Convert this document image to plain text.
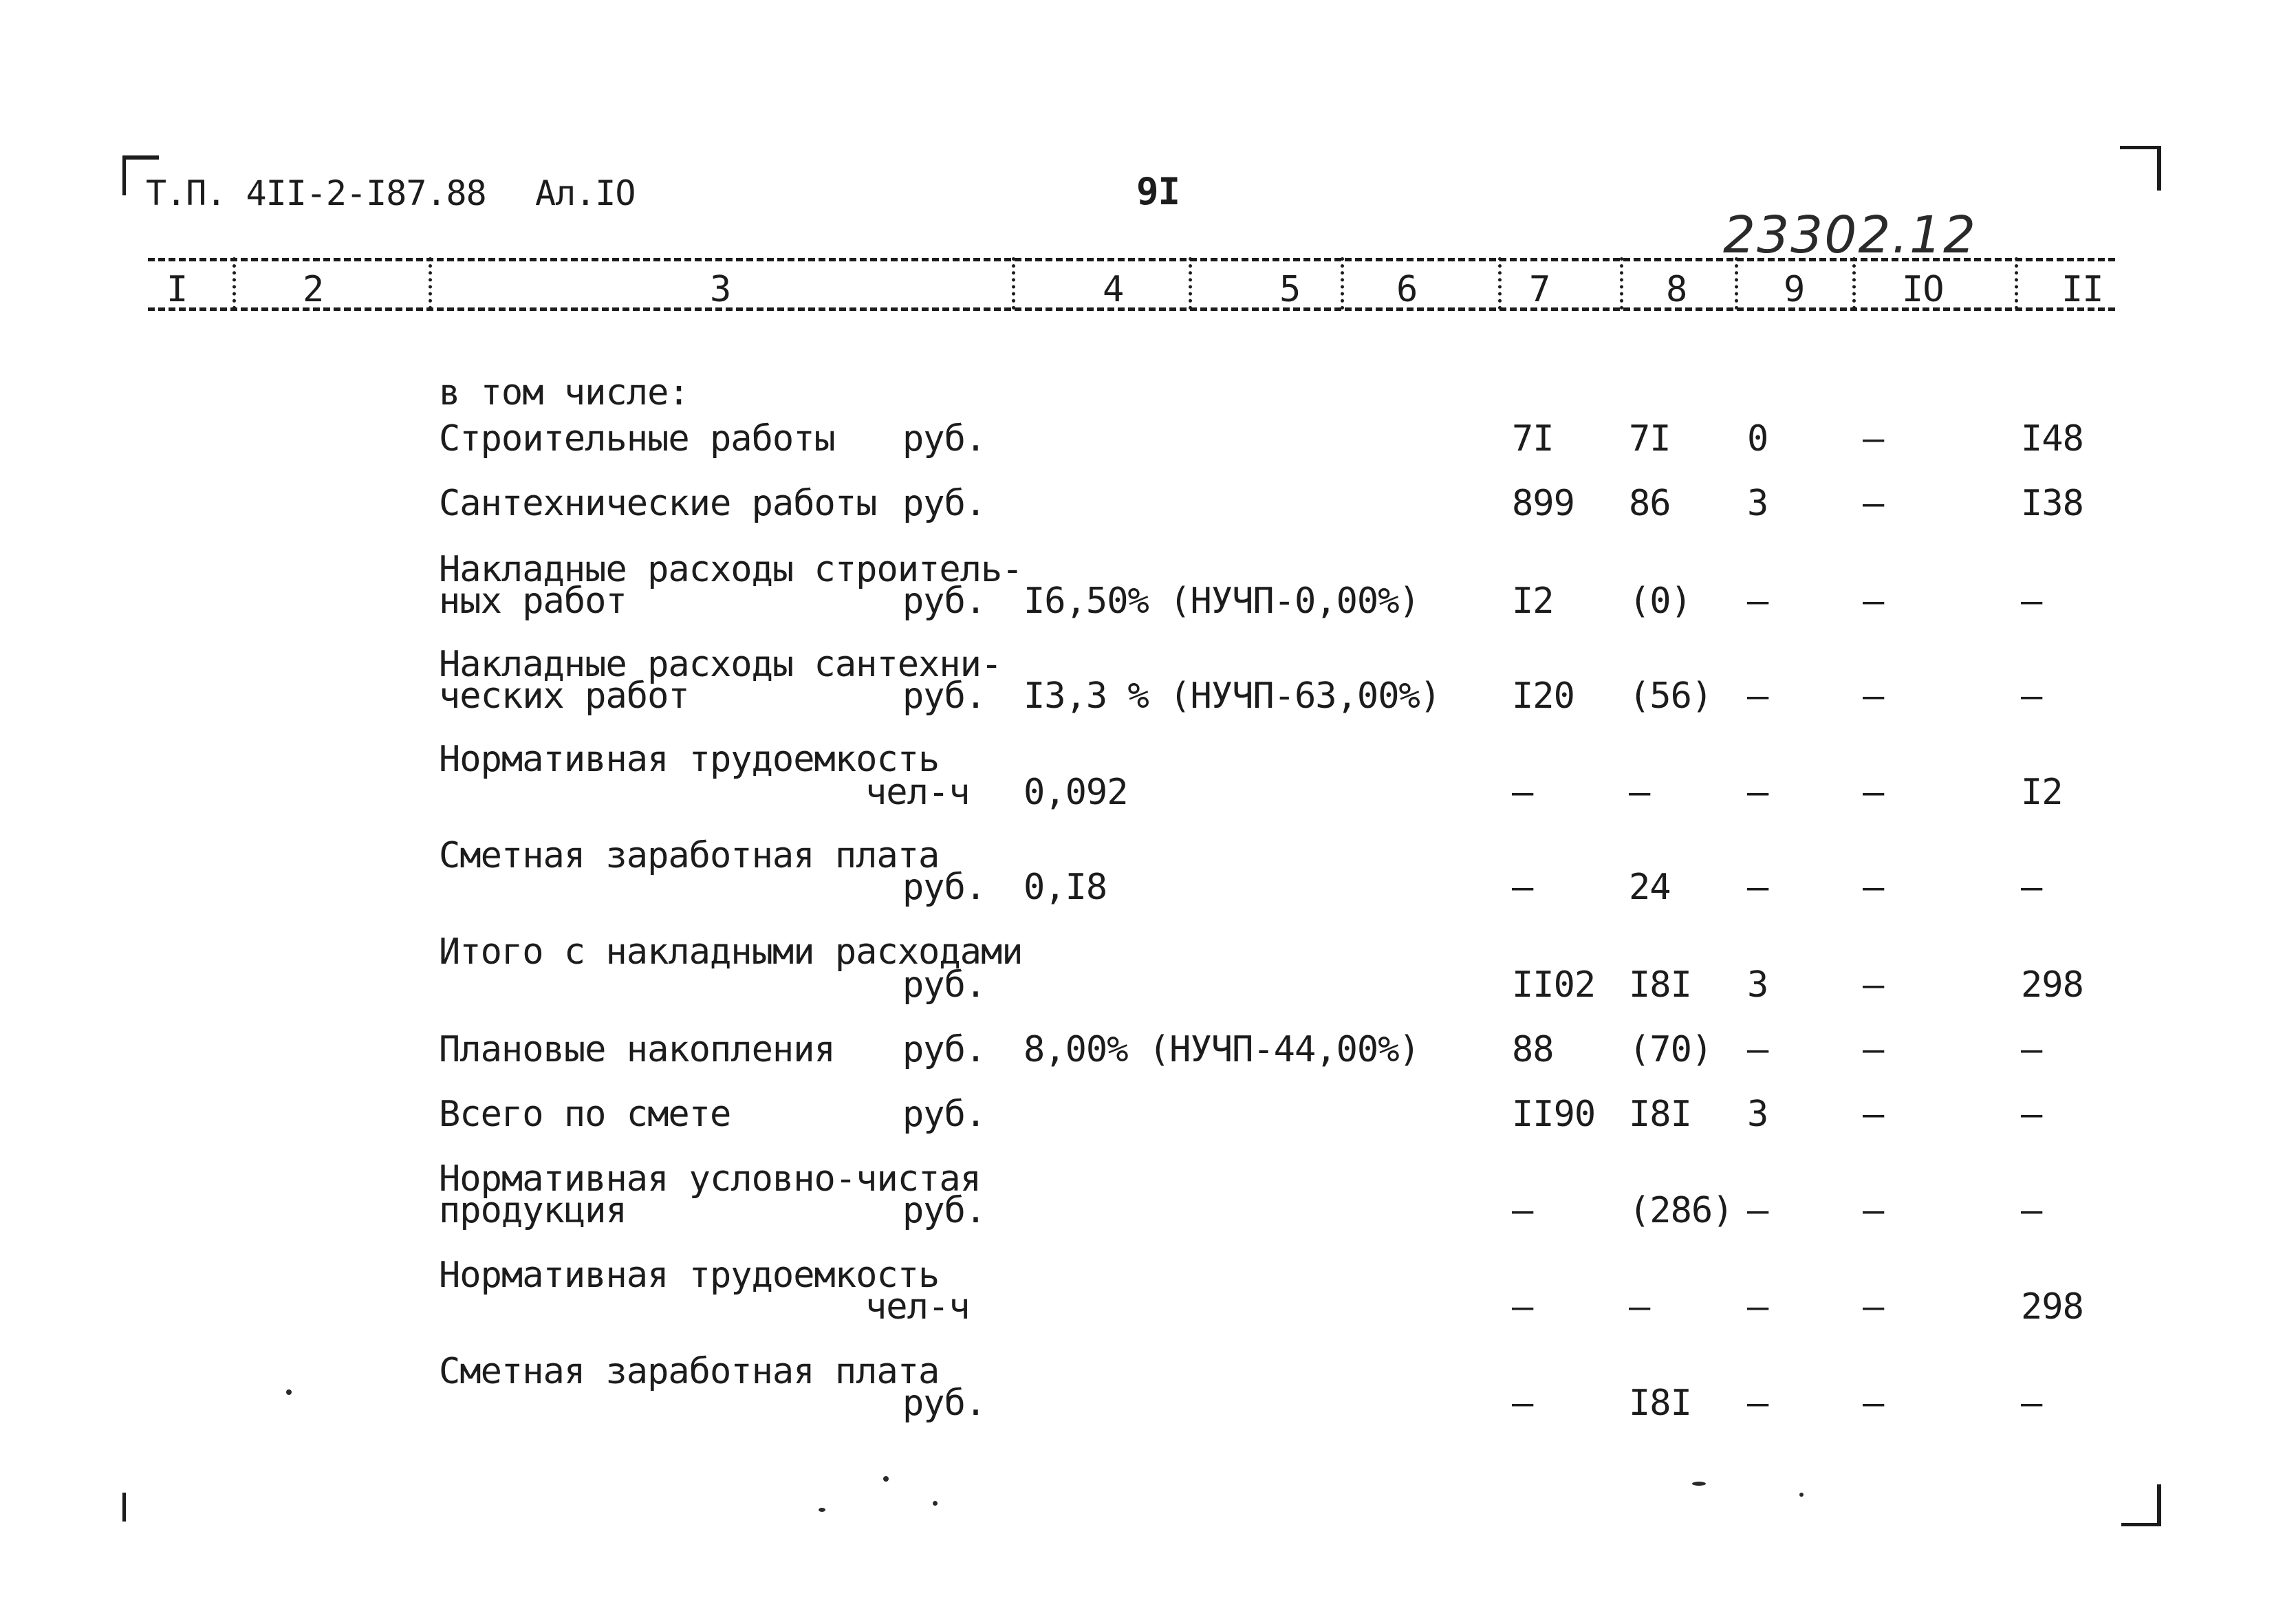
Т.П. 4II-2-I87.88 Ал.IO	9I
23302.12
I	2	3	4	5	6	7	8	9	IO	II
в том числе:
Строительные работы руб.	7I 7I 0	–	I48
Сантехнические работы руб.	899 86 3	–	I38
Накладные расходы строитель-
ных работ	руб. I6,50% (НУЧП-0,00%)	I2 (0) –	–	–
Накладные расходы сантехни-
ческих работ	руб. I3,3 % (НУЧП-63,00%) I20 (56) –	–	–
Нормативная трудоемкость
чел-ч 0,092	–	–	–	–	I2
Сметная заработная плата
руб. 0,I8	–	24 –	–	–
Итого с накладными расходами
руб.	II02 I8I 3	–	298
Плановые накопления руб. 8,00% (НУЧП-44,00%)	88 (70) –	–	–
Всего по смете	руб.	II90 I8I 3	–	–
Нормативная условно-чистая
продукция	руб.	–	(286) –	–	–
Нормативная трудоемкость
чел-ч	–	–	–	–	298
Сметная заработная плата
руб.	–	I8I –	–	–
